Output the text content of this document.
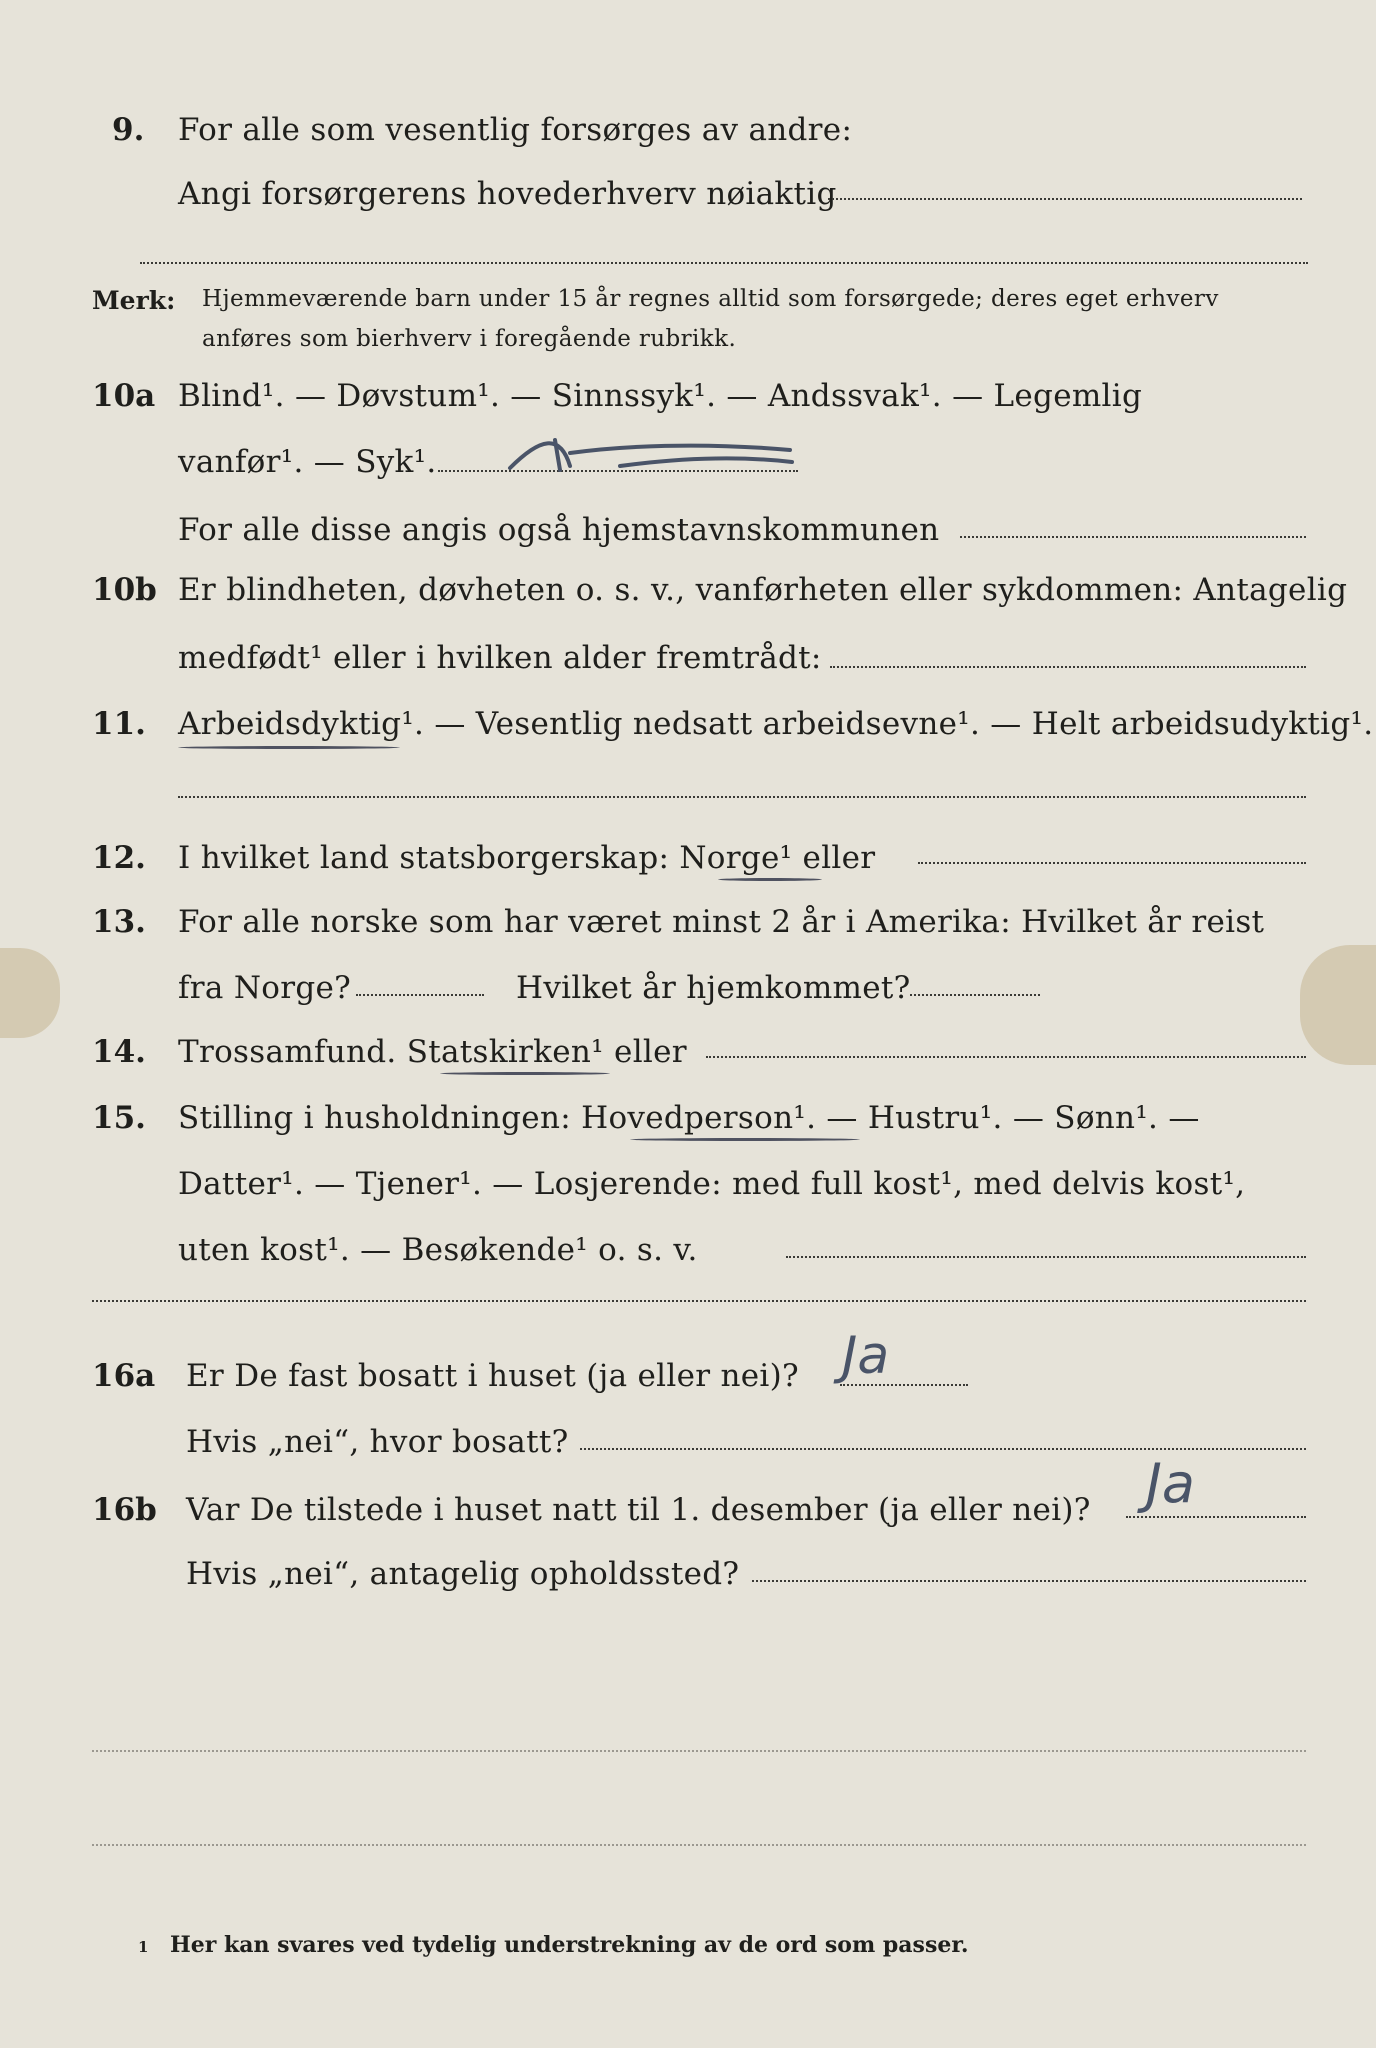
9. For alle som vesentlig forsørges av andre:
Angi forsørgerens hovederhverv nøiaktig
Merk: Hjemmeværende barn under 15 år regnes alltid som forsørgede; deres eget erhverv
anføres som bierhverv i foregående rubrikk.
10a Blind¹. — Døvstum¹. — Sinnssyk¹. — Andssvak¹. — Legemlig
vanfør¹. — Syk¹.
For alle disse angis også hjemstavnskommunen
10b Er blindheten, døvheten o. s. v., vanførheten eller sykdommen: Antagelig
medfødt¹ eller i hvilken alder fremtrådt:
11. Arbeidsdyktig¹. — Vesentlig nedsatt arbeidsevne¹. — Helt arbeidsudyktig¹.
12. I hvilket land statsborgerskap: Norge¹ eller
13. For alle norske som har været minst 2 år i Amerika: Hvilket år reist
fra Norge?	Hvilket år hjemkommet?
14. Trossamfund. Statskirken¹ eller
15. Stilling i husholdningen: Hovedperson¹. — Hustru¹. — Sønn¹. —
Datter¹. — Tjener¹. — Losjerende: med full kost¹, med delvis kost¹,
uten kost¹. — Besøkende¹ o. s. v.
16a Er De fast bosatt i huset (ja eller nei)? Ja
Hvis „nei“, hvor bosatt?
16b Var De tilstede i huset natt til 1. desember (ja eller nei)? Ja
Hvis „nei“, antagelig opholdssted?
1 Her kan svares ved tydelig understrekning av de ord som passer.
